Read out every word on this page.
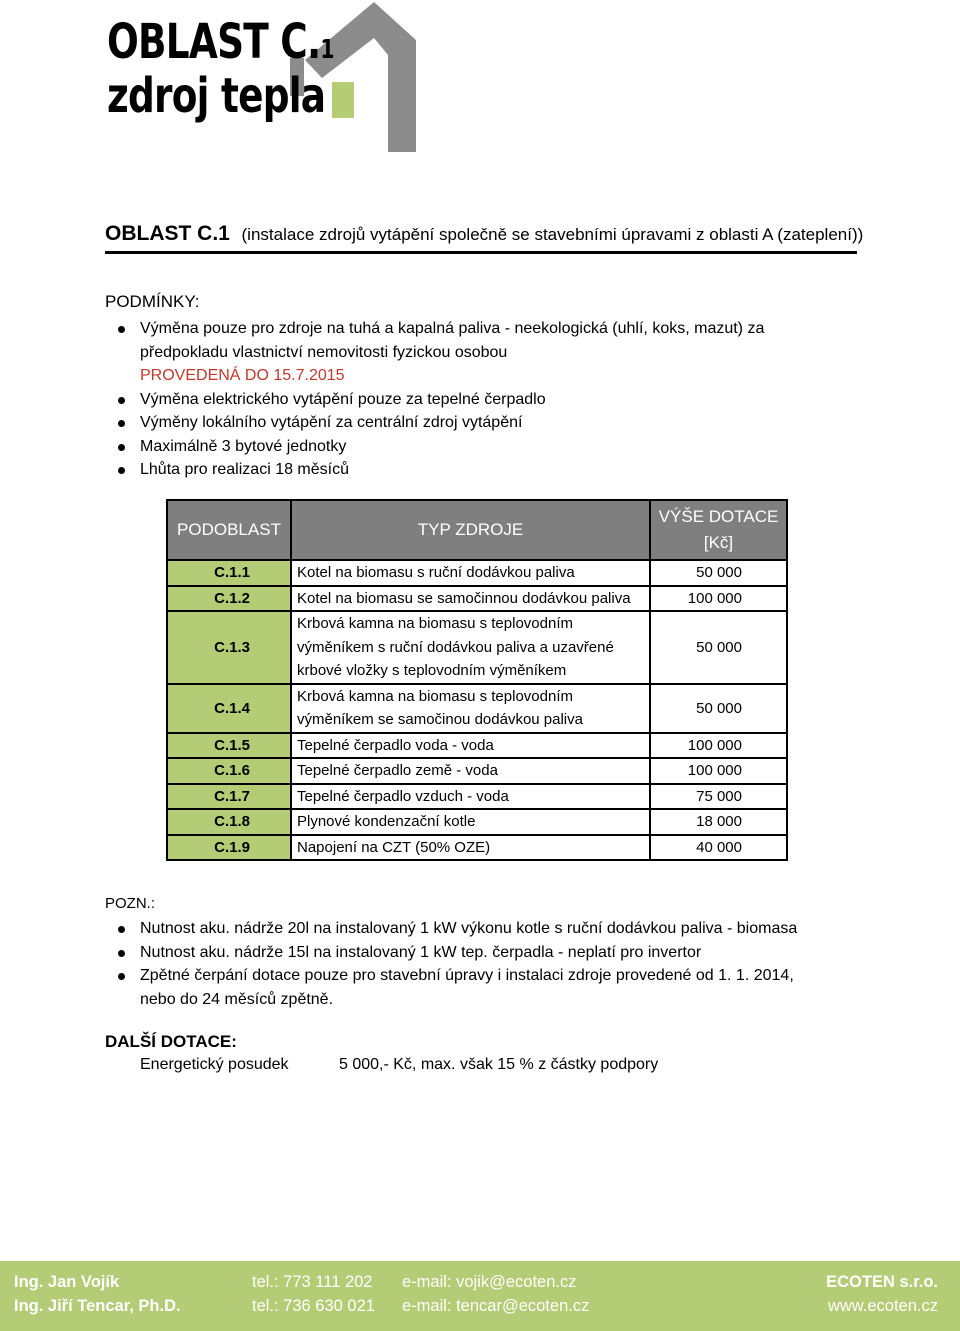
OBLAST C.1
zdroj tepla
OBLAST C.1 (instalace zdrojů vytápění společně se stavebními úpravami z oblasti A (zateplení))
PODMÍNKY:
Výměna pouze pro zdroje na tuhá a kapalná paliva - neekologická (uhlí, koks, mazut) za předpokladu vlastnictví nemovitosti fyzickou osobou
PROVEDENÁ DO 15.7.2015
Výměna elektrického vytápění pouze za tepelné čerpadlo
Výměny lokálního vytápění za centrální zdroj vytápění
Maximálně 3 bytové jednotky
Lhůta pro realizaci 18 měsíců
PODOBLAST	TYP ZDROJE	VÝŠE DOTACE
[Kč]
C.1.1	Kotel na biomasu s ruční dodávkou paliva	50 000
C.1.2	Kotel na biomasu se samočinnou dodávkou paliva	100 000
C.1.3	Krbová kamna na biomasu s teplovodním výměníkem s ruční dodávkou paliva a uzavřené krbové vložky s teplovodním výměníkem	50 000
C.1.4	Krbová kamna na biomasu s teplovodním výměníkem se samočinou dodávkou paliva	50 000
C.1.5	Tepelné čerpadlo voda - voda	100 000
C.1.6	Tepelné čerpadlo země - voda	100 000
C.1.7	Tepelné čerpadlo vzduch - voda	75 000
C.1.8	Plynové kondenzační kotle	18 000
C.1.9	Napojení na CZT (50% OZE)	40 000
POZN.:
Nutnost aku. nádrže 20l na instalovaný 1 kW výkonu kotle s ruční dodávkou paliva - biomasa
Nutnost aku. nádrže 15l na instalovaný 1 kW tep. čerpadla - neplatí pro invertor
Zpětné čerpání dotace pouze pro stavební úpravy i instalaci zdroje provedené od 1. 1. 2014, nebo do 24 měsíců zpětně.
DALŠÍ DOTACE:
Energetický posudek	5 000,- Kč, max. však 15 % z částky podpory
Ing. Jan Vojík	tel.: 773 111 202 e-mail: vojik@ecoten.cz	ECOTEN s.r.o.
Ing. Jiří Tencar, Ph.D.	tel.: 736 630 021 e-mail: tencar@ecoten.cz	www.ecoten.cz
